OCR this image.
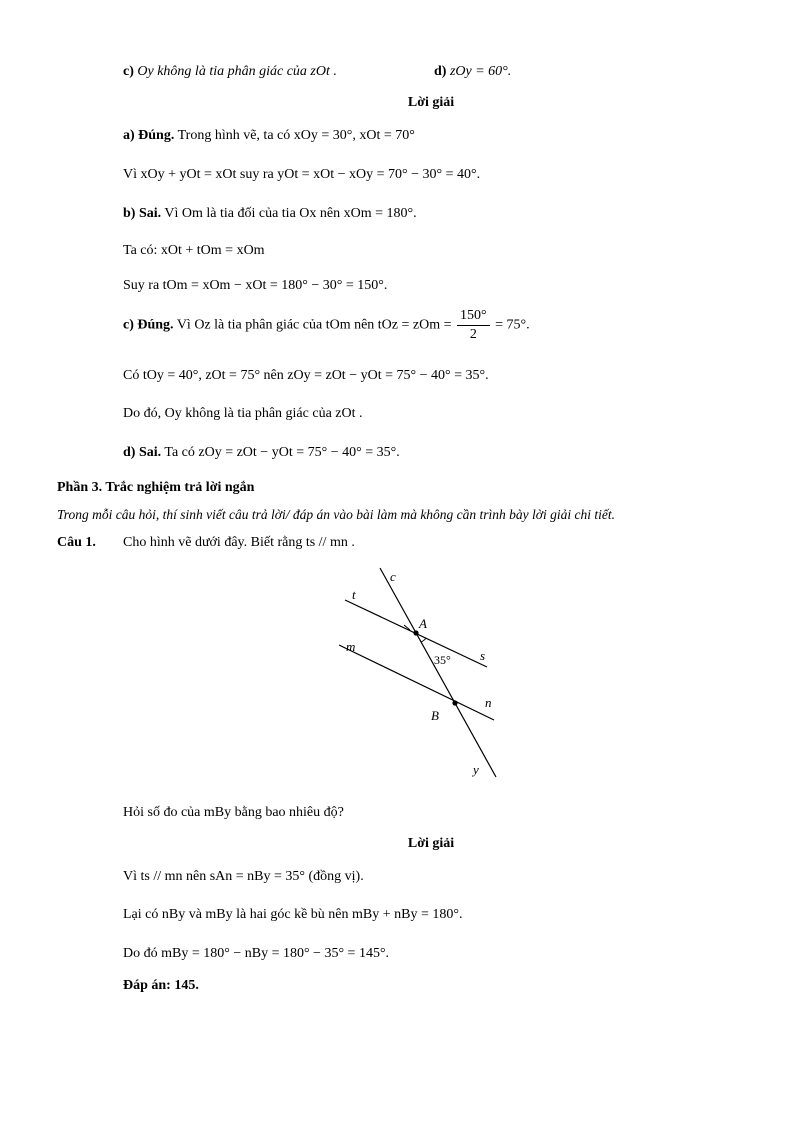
c) Oy không là tia phân giác của zOt .	d) zOy = 60°.
Lời giải
a) Đúng. Trong hình vẽ, ta có xOy = 30°, xOt = 70°
Vì xOy + yOt = xOt suy ra yOt = xOt − xOy = 70° − 30° = 40°.
b) Sai. Vì Om là tia đối của tia Ox nên xOm = 180°.
Ta có: xOt + tOm = xOm
Suy ra tOm = xOm − xOt = 180° − 30° = 150°.
c) Đúng. Vì Oz là tia phân giác của tOm nên tOz = zOm = $\frac{150^\circ}{2} = 75^\circ$.
Có tOy = 40°, zOt = 75° nên zOy = zOt − yOt = 75° − 40° = 35°.
Do đó, Oy không là tia phân giác của zOt .
d) Sai. Ta có zOy = zOt − yOt = 75° − 40° = 35°.
Phần 3. Trắc nghiệm trả lời ngắn
Trong mỗi câu hỏi, thí sinh viết câu trả lời/ đáp án vào bài làm mà không cần trình bày lời giải chi tiết.
Câu 1. Cho hình vẽ dưới đây. Biết rằng ts // mn .
c
t
A
s
m
35°
n
B
y
Hỏi số đo của mBy bằng bao nhiêu độ?
Lời giải
Vì ts // mn nên sAn = nBy = 35° (đồng vị).
Lại có nBy và mBy là hai góc kề bù nên mBy + nBy = 180°.
Do đó mBy = 180° − nBy = 180° − 35° = 145°.
Đáp án: 145.
